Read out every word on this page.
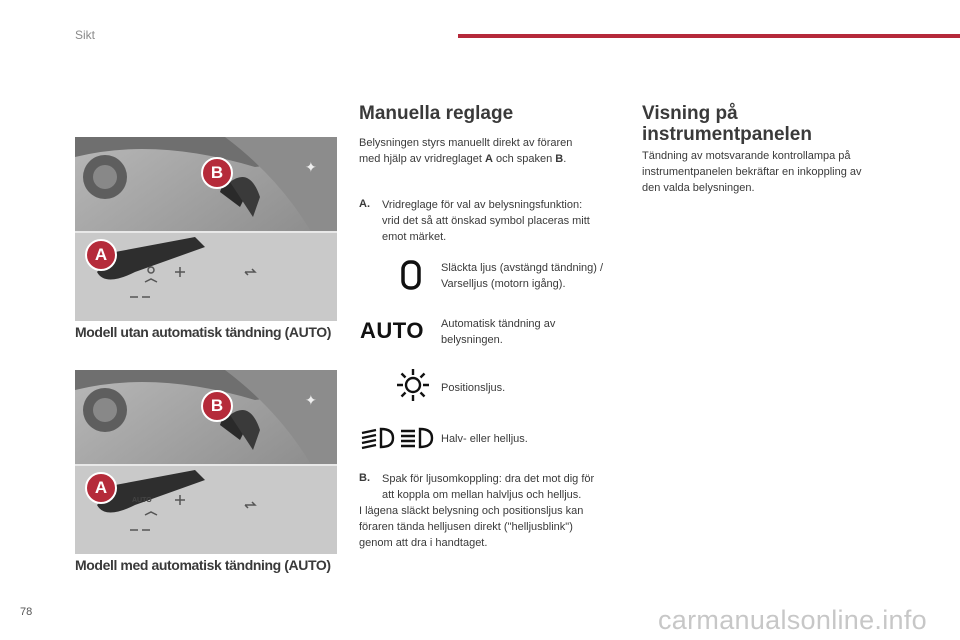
Sikt
✦
A
B
Modell utan automatisk tändning (AUTO)
✦
AUTO
A
B
Modell med automatisk tändning (AUTO)
Manuella reglage

Belysningen styrs manuellt direkt av föraren
med hjälp av vridreglaget A och spaken B.

A. Vridreglage för val av belysningsfunktion:
vrid det så att önskad symbol placeras mitt
emot märket.
Släckta ljus (avstängd tändning) /
Varselljus (motorn igång).
AUTO Automatisk tändning av
belysningen.
Positionsljus.
Halv- eller helljus.
B. Spak för ljusomkoppling: dra det mot dig för
att koppla om mellan halvljus och helljus.

I lägena släckt belysning och positionsljus kan
föraren tända helljusen direkt ("helljusblink")
genom att dra i handtaget.

Visning på
instrumentpanelen

Tändning av motsvarande kontrollampa på
instrumentpanelen bekräftar en inkoppling av
den valda belysningen.

78	carmanualsonline.info
